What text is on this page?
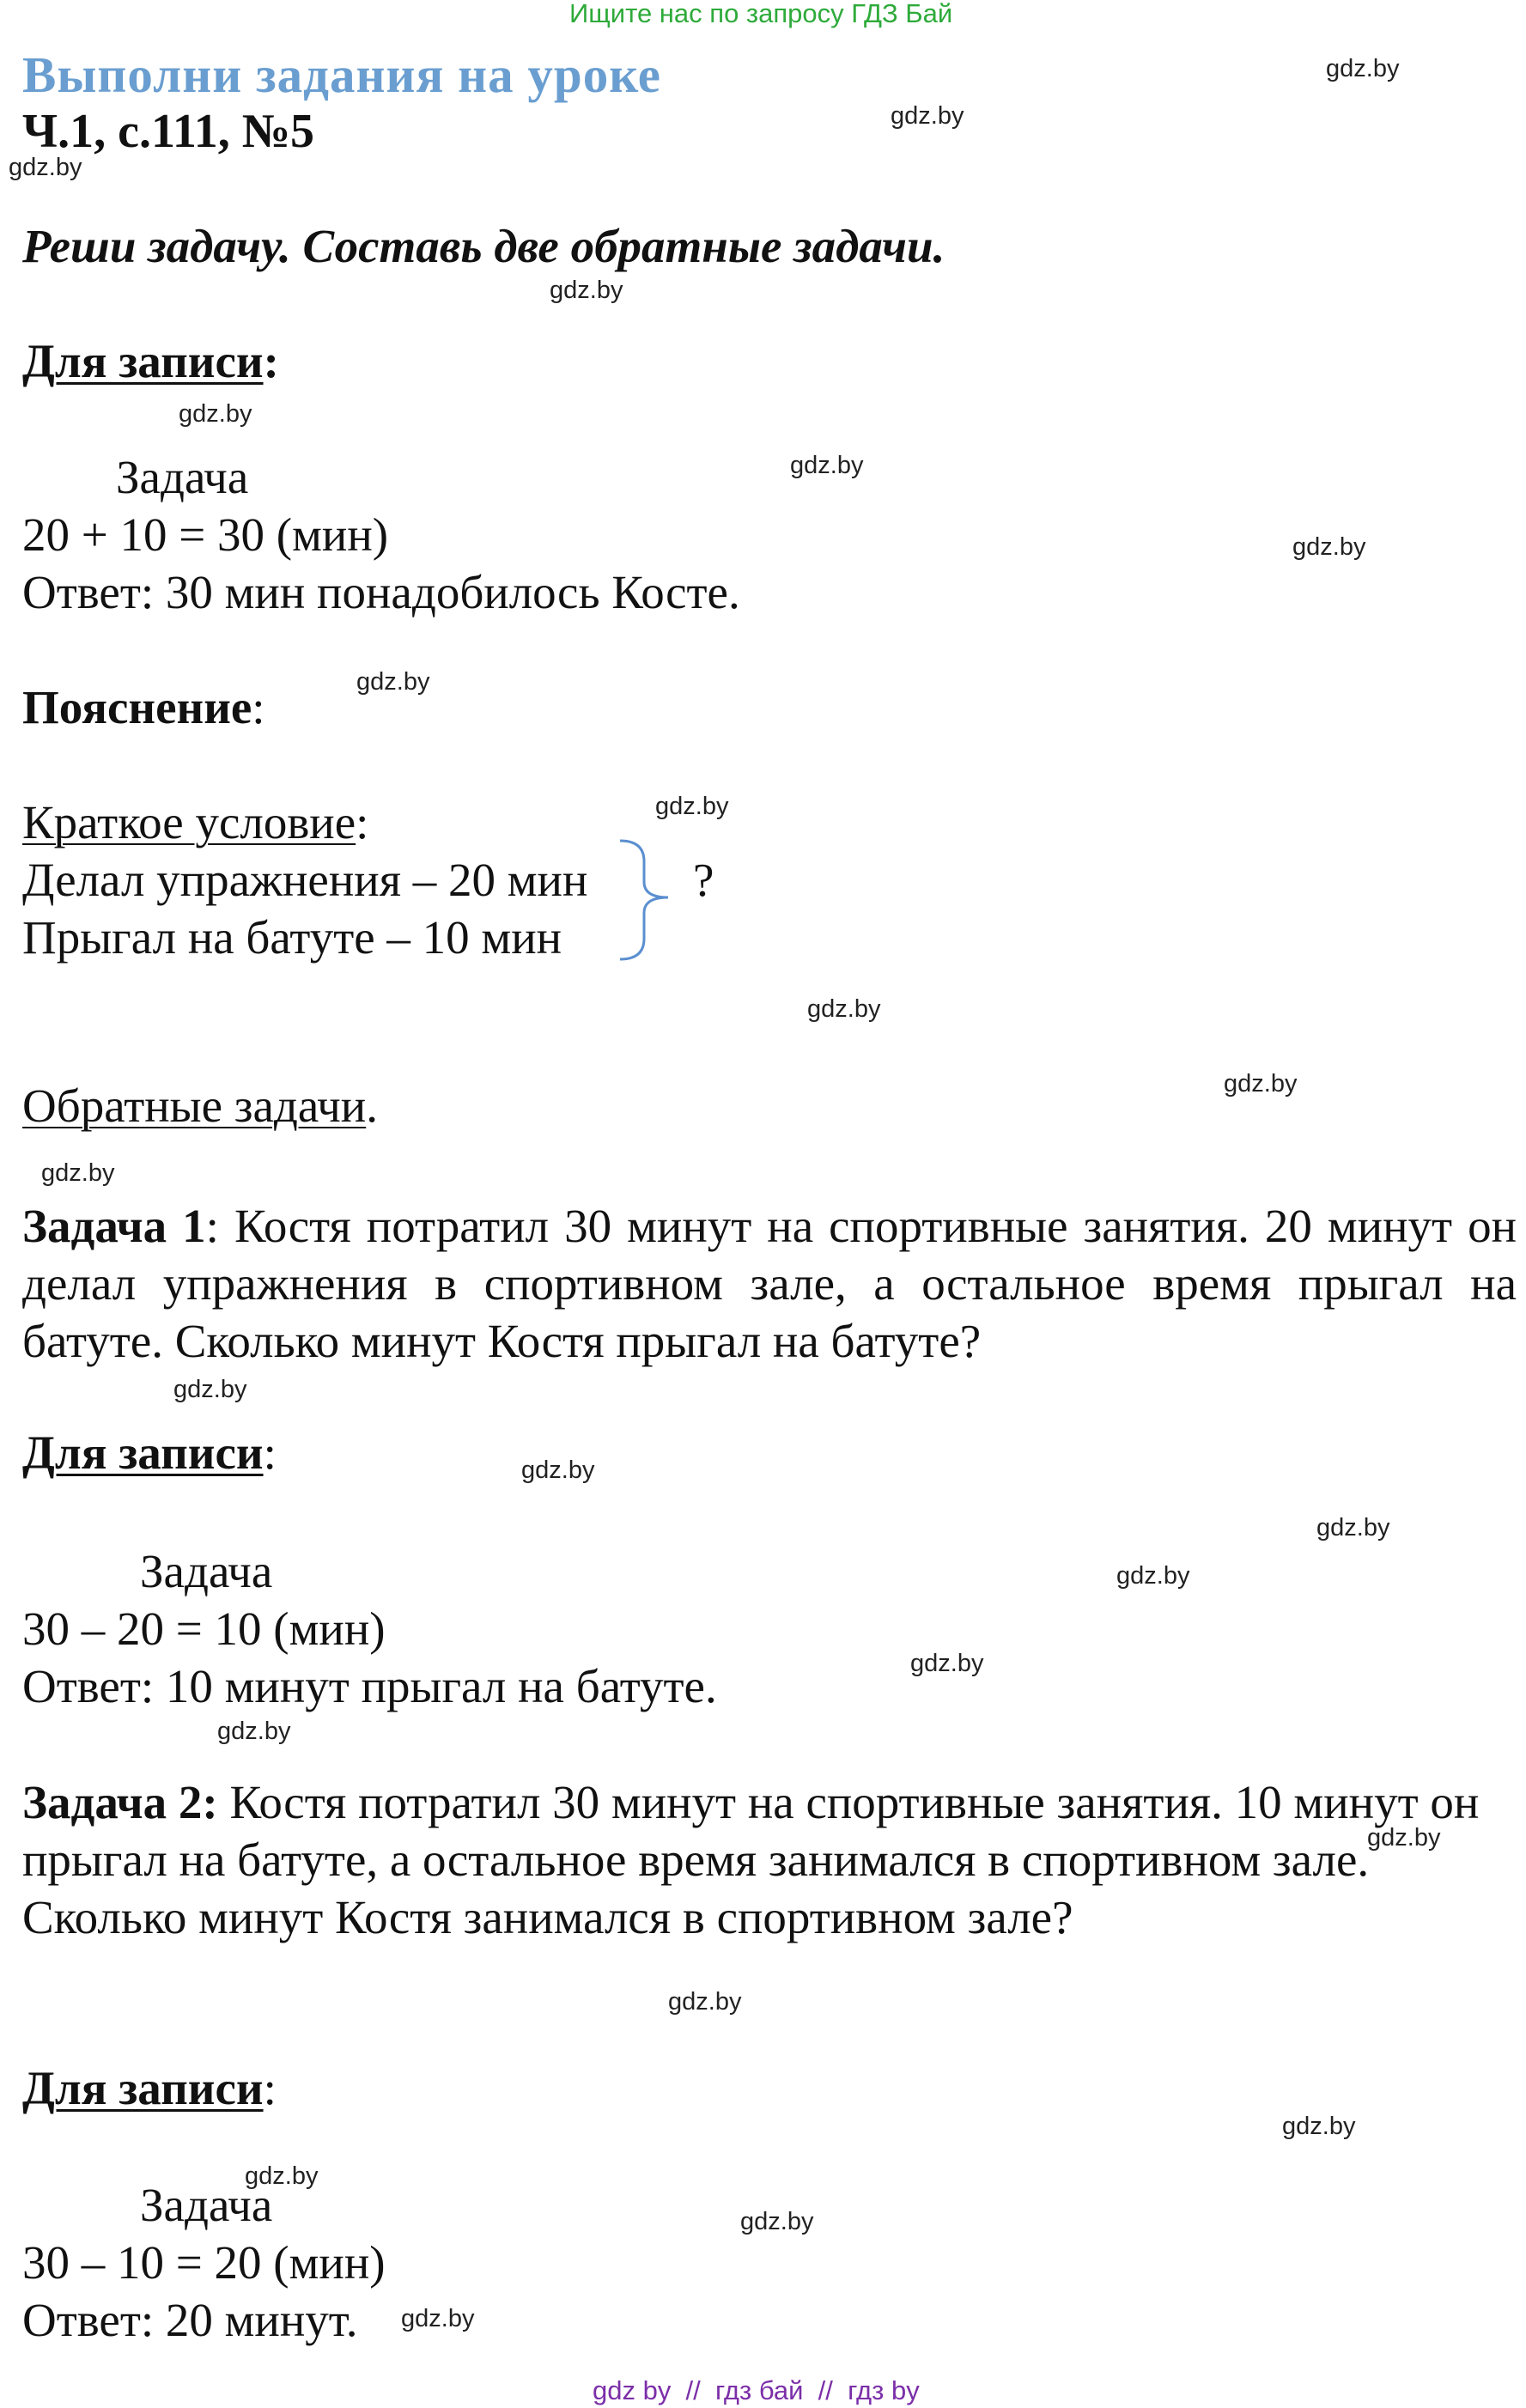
Ищите нас по запросу ГДЗ Бай
Выполни задания на уроке
Ч.1, с.111, №5
Реши задачу. Составь две обратные задачи.
Для записи:
Задача
20 + 10 = 30 (мин)
Ответ: 30 мин понадобилось Косте.
Пояснение:
Краткое условие:
Делал упражнения – 20 мин
Прыгал на батуте – 10 мин
?
Обратные задачи.
Задача 1: Костя потратил 30 минут на спортивные занятия. 20 минут он делал упражнения в спортивном зале, а остальное время прыгал на батуте. Сколько минут Костя прыгал на батуте?
Для записи:
Задача
30 – 20 = 10 (мин)
Ответ: 10 минут прыгал на батуте.
Задача 2: Костя потратил 30 минут на спортивные занятия. 10 минут он прыгал на батуте, а остальное время занимался в спортивном зале. Сколько минут Костя занимался в спортивном зале?
Для записи:
Задача
30 – 10 = 20 (мин)
Ответ: 20 минут.
gdz.by
gdz.by
gdz.by
gdz.by
gdz.by
gdz.by
gdz.by
gdz.by
gdz.by
gdz.by
gdz.by
gdz.by
gdz.by
gdz.by
gdz.by
gdz.by
gdz.by
gdz.by
gdz.by
gdz.by
gdz.by
gdz.by
gdz.by
gdz.by
gdz by  //  гдз бай  //  гдз by
